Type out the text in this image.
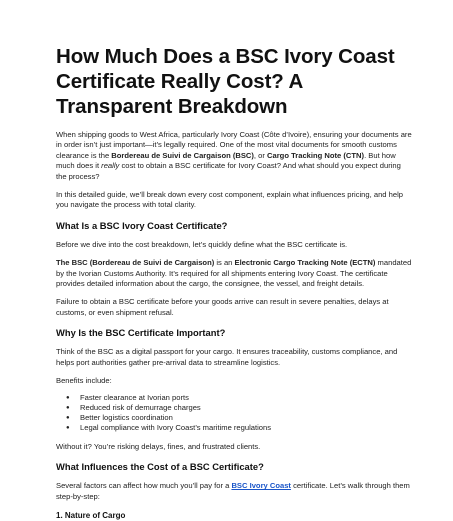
How Much Does a BSC Ivory Coast Certificate Really Cost? A Transparent Breakdown

When shipping goods to West Africa, particularly Ivory Coast (Côte d’Ivoire), ensuring your documents are in order isn’t just important—it’s legally required. One of the most vital documents for smooth customs clearance is the Bordereau de Suivi de Cargaison (BSC), or Cargo Tracking Note (CTN). But how much does it really cost to obtain a BSC certificate for Ivory Coast? And what should you expect during the process?

In this detailed guide, we’ll break down every cost component, explain what influences pricing, and help you navigate the process with total clarity.

What Is a BSC Ivory Coast Certificate?

Before we dive into the cost breakdown, let’s quickly define what the BSC certificate is.

The BSC (Bordereau de Suivi de Cargaison) is an Electronic Cargo Tracking Note (ECTN) mandated by the Ivorian Customs Authority. It’s required for all shipments entering Ivory Coast. The certificate provides detailed information about the cargo, the consignee, the vessel, and freight details.

Failure to obtain a BSC certificate before your goods arrive can result in severe penalties, delays at customs, or even shipment refusal.

Why Is the BSC Certificate Important?

Think of the BSC as a digital passport for your cargo. It ensures traceability, customs compliance, and helps port authorities gather pre-arrival data to streamline logistics.

Benefits include:

● Faster clearance at Ivorian ports
● Reduced risk of demurrage charges
● Better logistics coordination
● Legal compliance with Ivory Coast’s maritime regulations

Without it? You’re risking delays, fines, and frustrated clients.

What Influences the Cost of a BSC Certificate?

Several factors can affect how much you’ll pay for a BSC Ivory Coast certificate. Let’s walk through them step-by-step:

1. Nature of Cargo
